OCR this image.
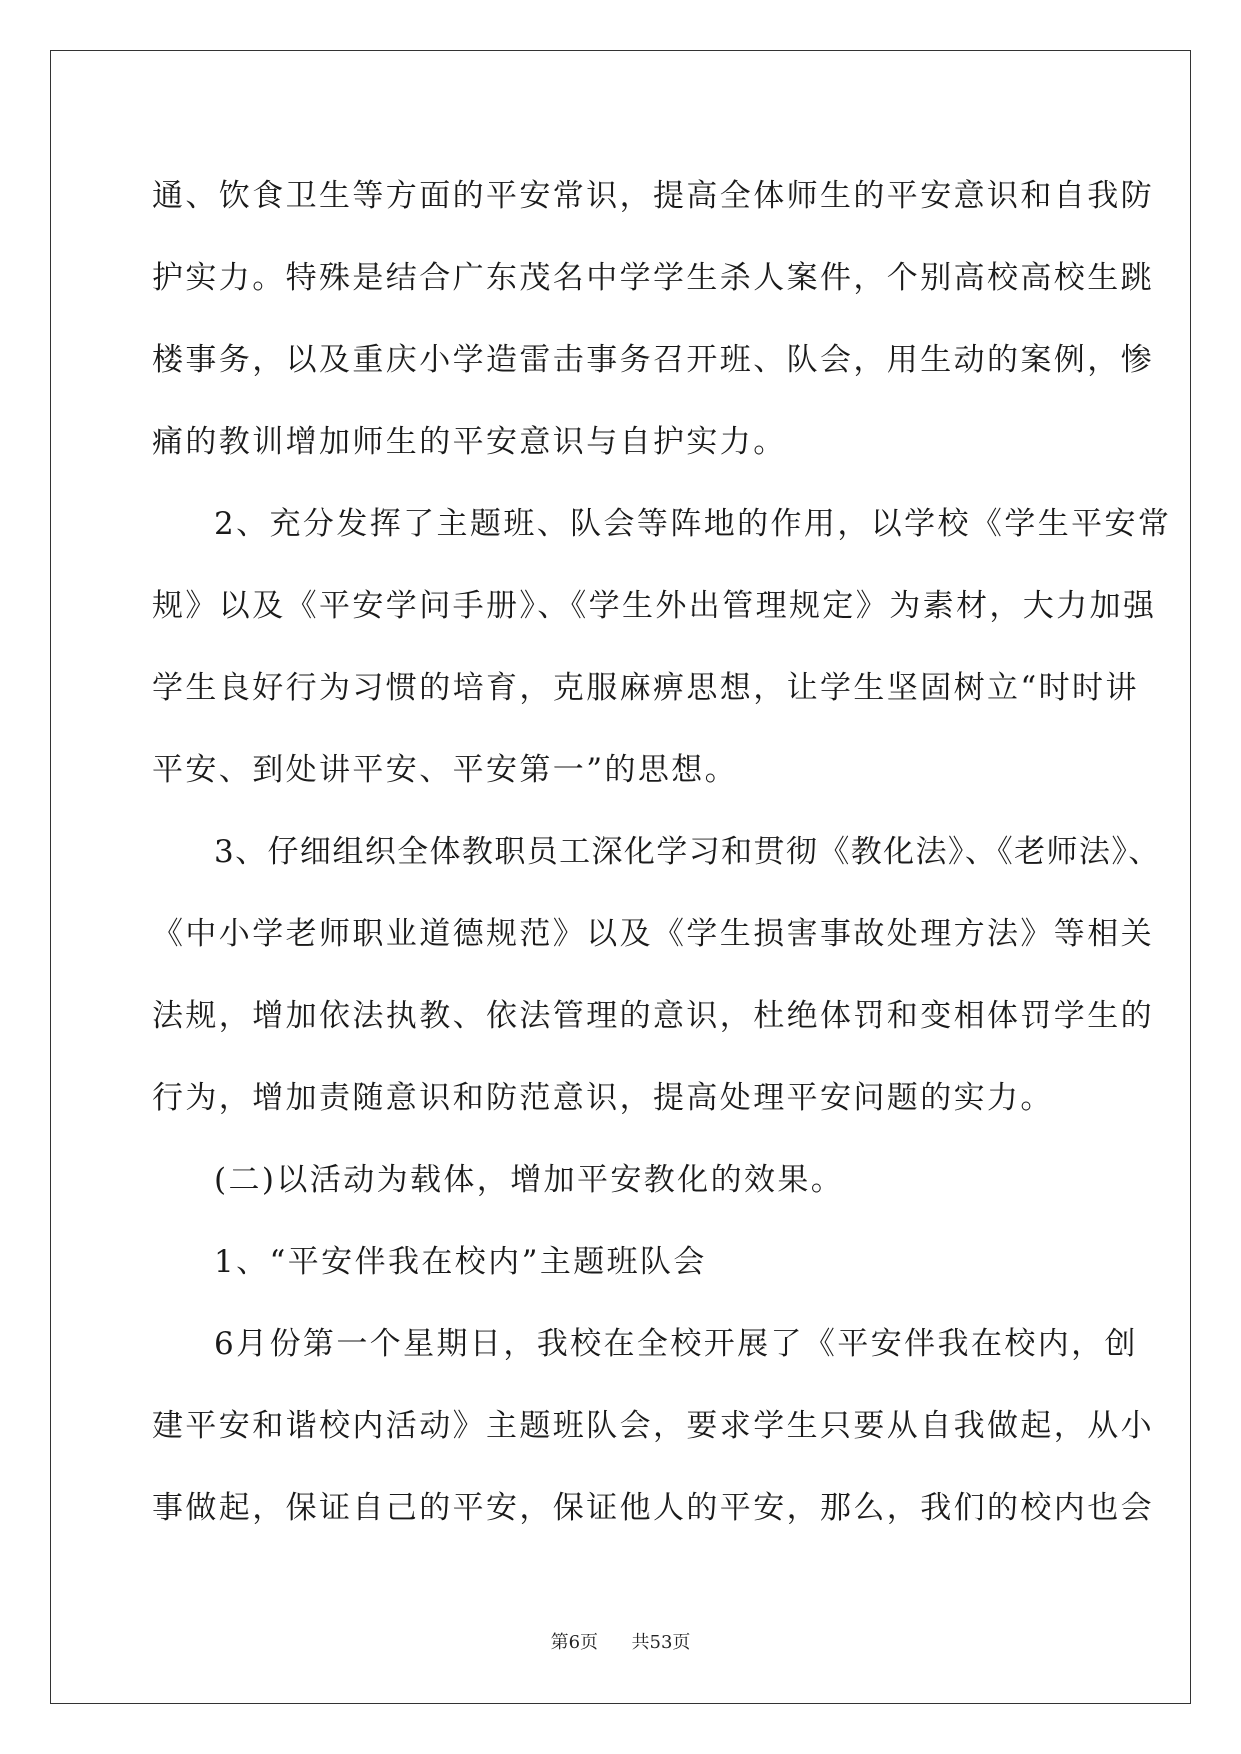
通、饮食卫生等方面的平安常识，提高全体师生的平安意识和自我防
护实力。特殊是结合广东茂名中学学生杀人案件，个别高校高校生跳
楼事务，以及重庆小学造雷击事务召开班、队会，用生动的案例，惨
痛的教训增加师生的平安意识与自护实力。
2、充分发挥了主题班、队会等阵地的作用，以学校《学生平安常
规》以及《平安学问手册》、《学生外出管理规定》为素材，大力加强
学生良好行为习惯的培育，克服麻痹思想，让学生坚固树立“时时讲
平安、到处讲平安、平安第一”的思想。
3、仔细组织全体教职员工深化学习和贯彻《教化法》、《老师法》、
《中小学老师职业道德规范》以及《学生损害事故处理方法》等相关
法规，增加依法执教、依法管理的意识，杜绝体罚和变相体罚学生的
行为，增加责随意识和防范意识，提高处理平安问题的实力。
(二)以活动为载体，增加平安教化的效果。
1、“平安伴我在校内”主题班队会
6月份第一个星期日，我校在全校开展了《平安伴我在校内，创
建平安和谐校内活动》主题班队会，要求学生只要从自我做起，从小
事做起，保证自己的平安，保证他人的平安，那么，我们的校内也会
第6页 共53页
